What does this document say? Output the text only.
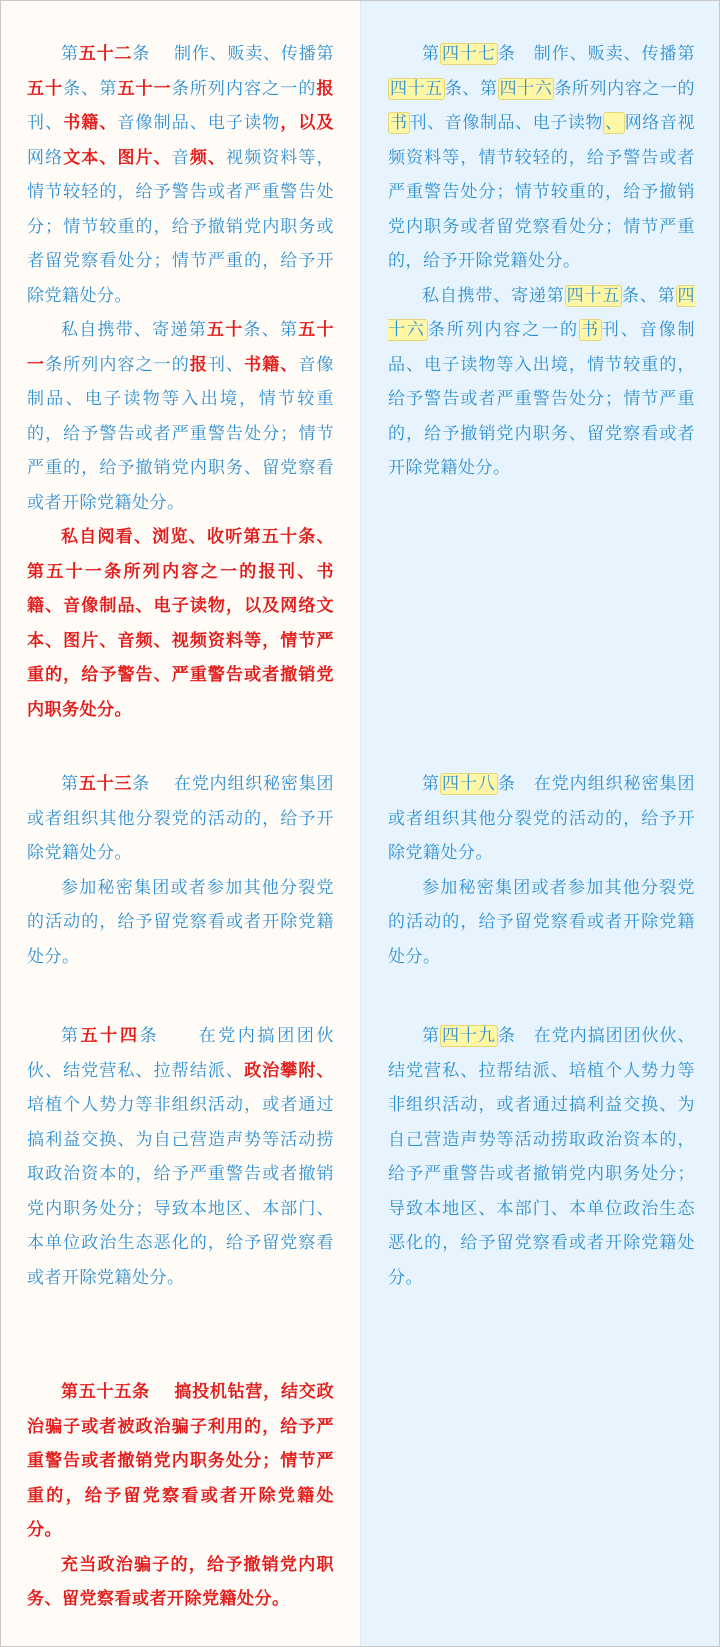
第五十二条　 制作、贩卖、传播第五十条、第五十一条所列内容之一的报刊、书籍、音像制品、电子读物，以及网络文本、图片、音频、视频资料等，情节较轻的，给予警告或者严重警告处分；情节较重的，给予撤销党内职务或者留党察看处分；情节严重的，给予开除党籍处分。

私自携带、寄递第五十条、第五十一条所列内容之一的报刊、书籍、音像制品、电子读物等入出境，情节较重的，给予警告或者严重警告处分；情节严重的，给予撤销党内职务、留党察看或者开除党籍处分。

私自阅看、浏览、收听第五十条、第五十一条所列内容之一的报刊、书籍、音像制品、电子读物，以及网络文本、图片、音频、视频资料等，情节严重的，给予警告、严重警告或者撤销党内职务处分。

第五十三条　 在党内组织秘密集团或者组织其他分裂党的活动的，给予开除党籍处分。

参加秘密集团或者参加其他分裂党的活动的，给予留党察看或者开除党籍处分。

第五十四条　　在党内搞团团伙伙、结党营私、拉帮结派、政治攀附、培植个人势力等非组织活动，或者通过搞利益交换、为自己营造声势等活动捞取政治资本的，给予严重警告或者撤销党内职务处分；导致本地区、本部门、本单位政治生态恶化的，给予留党察看或者开除党籍处分。

第五十五条　 搞投机钻营，结交政治骗子或者被政治骗子利用的，给予严重警告或者撤销党内职务处分；情节严重的，给予留党察看或者开除党籍处分。

充当政治骗子的，给予撤销党内职务、留党察看或者开除党籍处分。

第 四十七 条　制作、贩卖、传播第四十五 条、第 四十六 条所列内容之一的书 刊、音像制品、电子读物 、 网络音视频资料等，情节较轻的，给予警告或者严重警告处分；情节较重的，给予撤销党内职务或者留党察看处分；情节严重的，给予开除党籍处分。

私自携带、寄递第 四十五 条、第 四十六 条所列内容之一的 书 刊、音像制品、电子读物等入出境，情节较重的，给予警告或者严重警告处分；情节严重的，给予撤销党内职务、留党察看或者开除党籍处分。

第 四十八 条　在党内组织秘密集团或者组织其他分裂党的活动的，给予开除党籍处分。

参加秘密集团或者参加其他分裂党的活动的，给予留党察看或者开除党籍处分。

第 四十九 条　在党内搞团团伙伙、结党营私、拉帮结派、培植个人势力等非组织活动，或者通过搞利益交换、为自己营造声势等活动捞取政治资本的，给予严重警告或者撤销党内职务处分；导致本地区、本部门、本单位政治生态恶化的，给予留党察看或者开除党籍处分。
